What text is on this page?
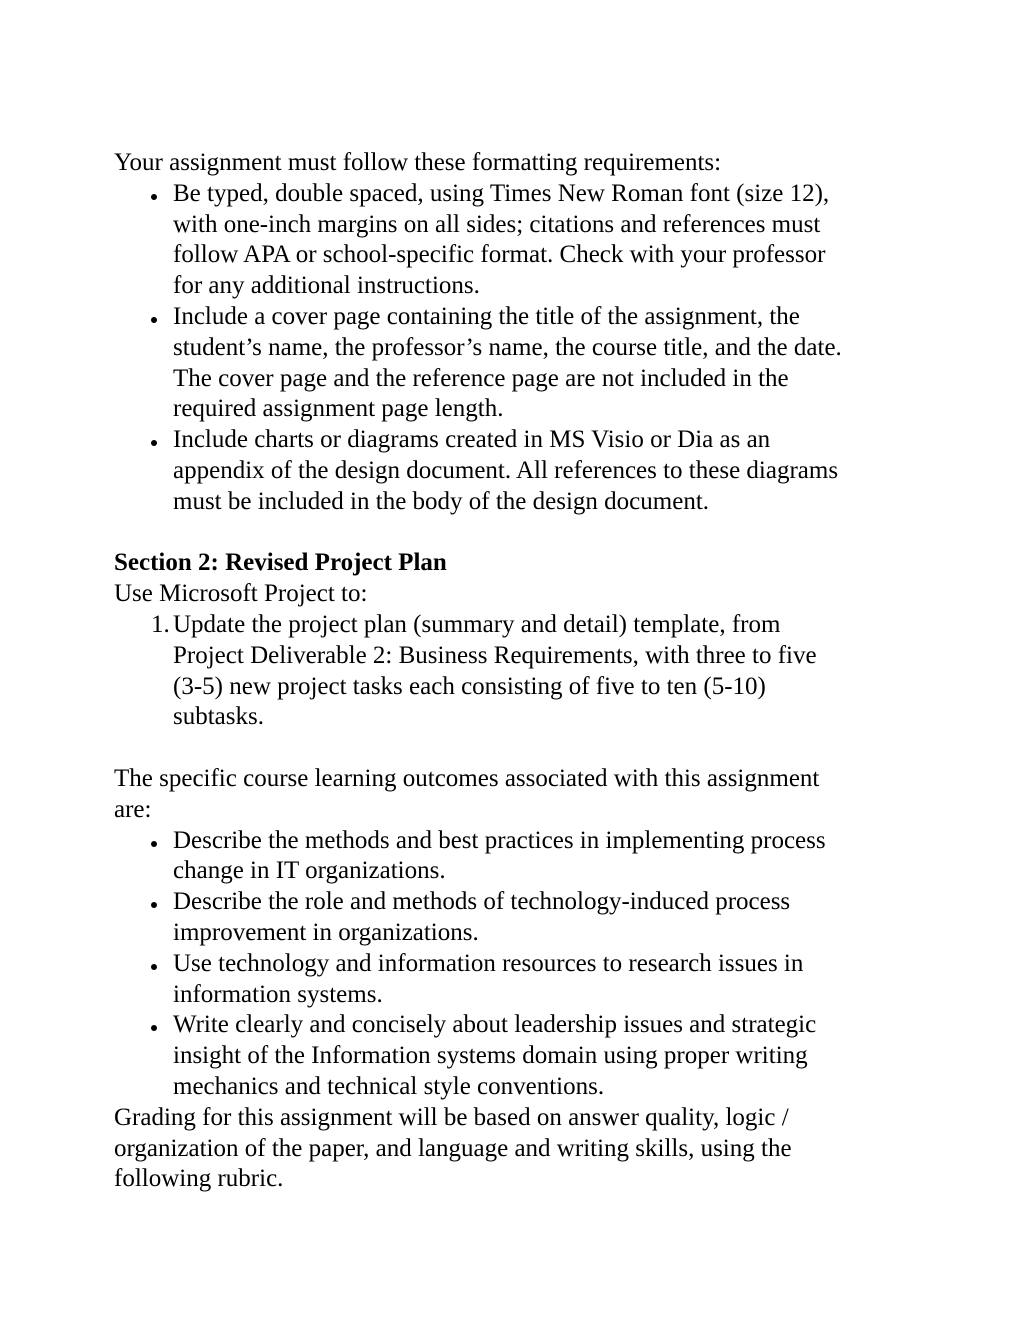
Your assignment must follow these formatting requirements:
Be typed, double spaced, using Times New Roman font (size 12),
with one-inch margins on all sides; citations and references must
follow APA or school-specific format. Check with your professor
for any additional instructions.
Include a cover page containing the title of the assignment, the
student’s name, the professor’s name, the course title, and the date.
The cover page and the reference page are not included in the
required assignment page length.
Include charts or diagrams created in MS Visio or Dia as an
appendix of the design document. All references to these diagrams
must be included in the body of the design document.
Section 2: Revised Project Plan
Use Microsoft Project to:
1. Update the project plan (summary and detail) template, from
Project Deliverable 2: Business Requirements, with three to five
(3-5) new project tasks each consisting of five to ten (5-10)
subtasks.
The specific course learning outcomes associated with this assignment
are:
Describe the methods and best practices in implementing process
change in IT organizations.
Describe the role and methods of technology-induced process
improvement in organizations.
Use technology and information resources to research issues in
information systems.
Write clearly and concisely about leadership issues and strategic
insight of the Information systems domain using proper writing
mechanics and technical style conventions.
Grading for this assignment will be based on answer quality, logic /
organization of the paper, and language and writing skills, using the
following rubric.
